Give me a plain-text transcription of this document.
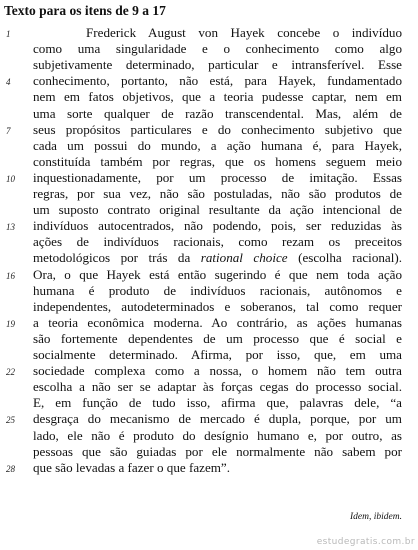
Texto para os itens de 9 a 17
1	Frederick August von Hayek concebe o indivíduo
como uma singularidade e o conhecimento como algo
subjetivamente determinado, particular e intransferível. Esse
4	conhecimento, portanto, não está, para Hayek, fundamentado
nem em fatos objetivos, que a teoria pudesse captar, nem em
uma sorte qualquer de razão transcendental. Mas, além de
7	seus propósitos particulares e do conhecimento subjetivo que
cada um possui do mundo, a ação humana é, para Hayek,
constituída também por regras, que os homens seguem meio
10 inquestionadamente, por um processo de imitação. Essas
regras, por sua vez, não são postuladas, não são produtos de
um suposto contrato original resultante da ação intencional de
13 indivíduos autocentrados, não podendo, pois, ser reduzidas às
ações de indivíduos racionais, como rezam os preceitos
metodológicos por trás da rational choice (escolha racional).
16 Ora, o que Hayek está então sugerindo é que nem toda ação
humana é produto de indivíduos racionais, autônomos e
independentes, autodeterminados e soberanos, tal como requer
19 a teoria econômica moderna. Ao contrário, as ações humanas
são fortemente dependentes de um processo que é social e
socialmente determinado. Afirma, por isso, que, em uma
22 sociedade complexa como a nossa, o homem não tem outra
escolha a não ser se adaptar às forças cegas do processo social.
E, em função de tudo isso, afirma que, palavras dele, “a
25 desgraça do mecanismo de mercado é dupla, porque, por um
lado, ele não é produto do desígnio humano e, por outro, as
pessoas que são guiadas por ele normalmente não sabem por
28 que são levadas a fazer o que fazem”.
Idem, ibidem.
estudegratis.com.br
